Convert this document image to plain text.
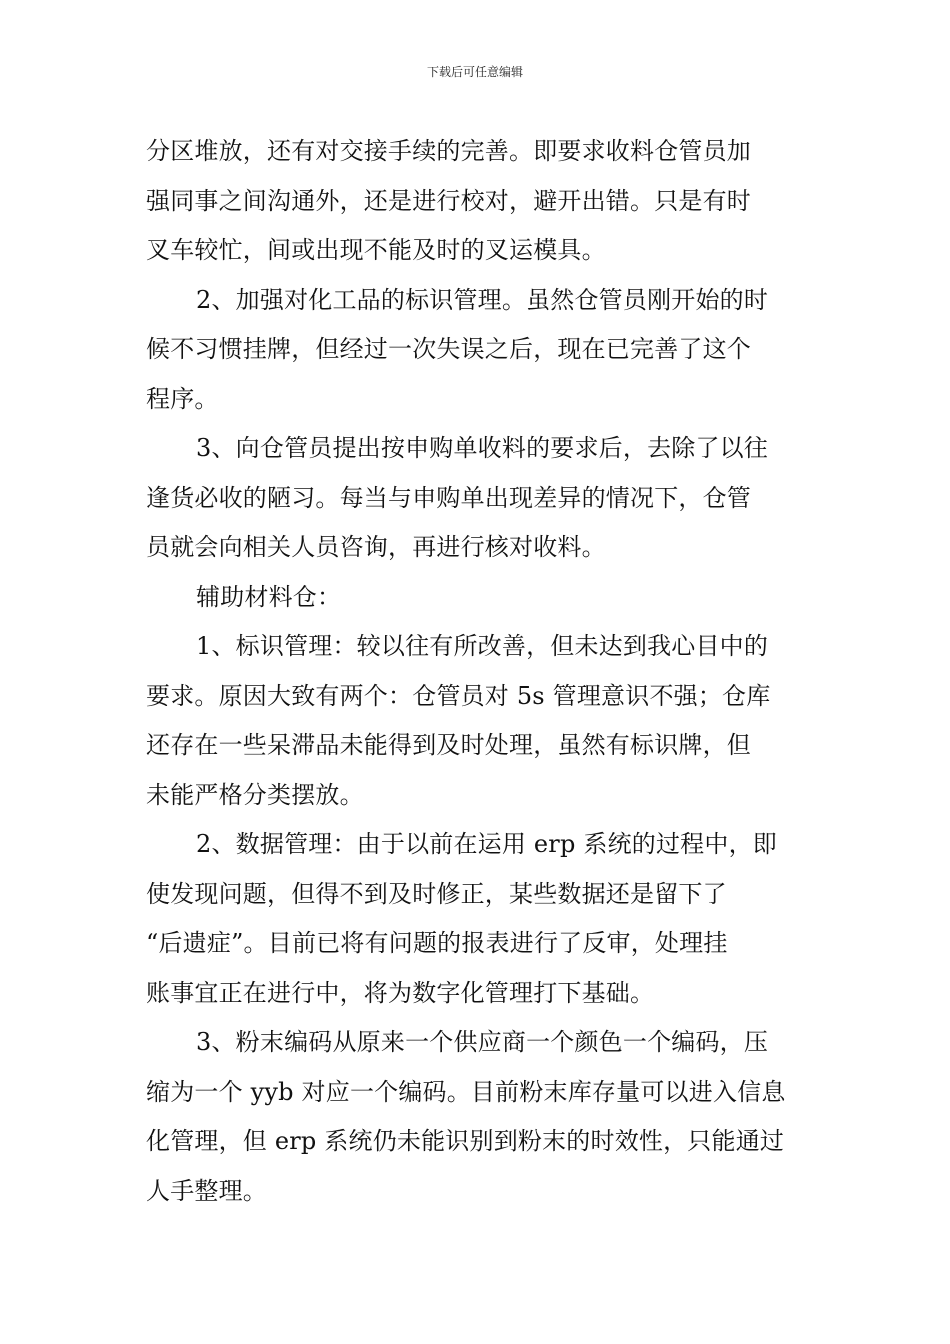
下载后可任意编辑
分区堆放，还有对交接手续的完善。即要求收料仓管员加
强同事之间沟通外，还是进行校对，避开出错。只是有时
叉车较忙，间或出现不能及时的叉运模具。
2、加强对化工品的标识管理。虽然仓管员刚开始的时
候不习惯挂牌，但经过一次失误之后，现在已完善了这个
程序。
3、向仓管员提出按申购单收料的要求后，去除了以往
逢货必收的陋习。每当与申购单出现差异的情况下，仓管
员就会向相关人员咨询，再进行核对收料。
辅助材料仓：
1、标识管理：较以往有所改善，但未达到我心目中的
要求。原因大致有两个：仓管员对 5s 管理意识不强；仓库
还存在一些呆滞品未能得到及时处理，虽然有标识牌，但
未能严格分类摆放。
2、数据管理：由于以前在运用 erp 系统的过程中，即
使发现问题，但得不到及时修正，某些数据还是留下了
“后遗症”。目前已将有问题的报表进行了反审，处理挂
账事宜正在进行中，将为数字化管理打下基础。
3、粉末编码从原来一个供应商一个颜色一个编码，压
缩为一个 yyb 对应一个编码。目前粉末库存量可以进入信息
化管理，但 erp 系统仍未能识别到粉末的时效性，只能通过
人手整理。
